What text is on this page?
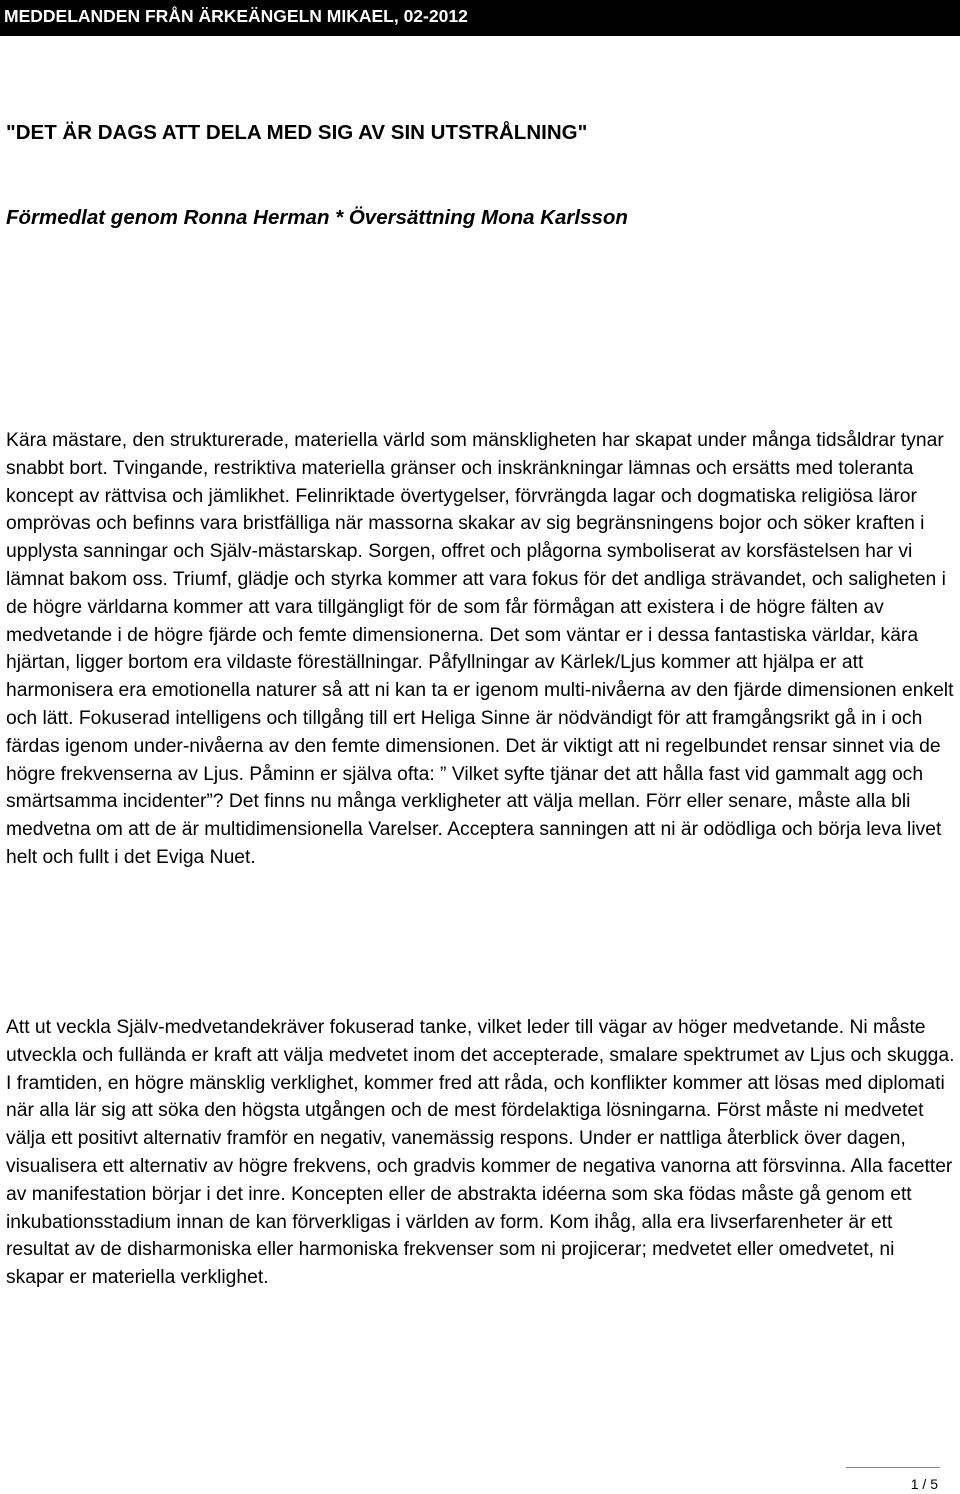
MEDDELANDEN FRÅN ÄRKEÄNGELN MIKAEL, 02-2012
"DET ÄR DAGS ATT DELA MED SIG AV SIN UTSTRÅLNING"
Förmedlat genom Ronna Herman * Översättning Mona Karlsson

Kära mästare, den strukturerade, materiella värld som mänskligheten har skapat under många tidsåldrar tynar snabbt bort. Tvingande, restriktiva materiella gränser och inskränkningar lämnas och ersätts med toleranta koncept av rättvisa och jämlikhet. Felinriktade övertygelser, förvrängda lagar och dogmatiska religiösa läror omprövas och befinns vara bristfälliga när massorna skakar av sig begränsningens bojor och söker kraften i upplysta sanningar och Själv-mästarskap. Sorgen, offret och plågorna symboliserat av korsfästelsen har vi lämnat bakom oss. Triumf, glädje och styrka kommer att vara fokus för det andliga strävandet, och saligheten i de högre världarna kommer att vara tillgängligt för de som får förmågan att existera i de högre fälten av medvetande i de högre fjärde och femte dimensionerna. Det som väntar er i dessa fantastiska världar, kära hjärtan, ligger bortom era vildaste föreställningar. Påfyllningar av Kärlek/Ljus kommer att hjälpa er att harmonisera era emotionella naturer så att ni kan ta er igenom multi-nivåerna av den fjärde dimensionen enkelt och lätt. Fokuserad intelligens och tillgång till ert Heliga Sinne är nödvändigt för att framgångsrikt gå in i och färdas igenom under-nivåerna av den femte dimensionen. Det är viktigt att ni regelbundet rensar sinnet via de högre frekvenserna av Ljus. Påminn er själva ofta: ” Vilket syfte tjänar det att hålla fast vid gammalt agg och smärtsamma incidenter”? Det finns nu många verkligheter att välja mellan. Förr eller senare, måste alla bli medvetna om att de är multidimensionella Varelser. Acceptera sanningen att ni är odödliga och börja leva livet helt och fullt i det Eviga Nuet.

Att ut veckla Själv-medvetandekräver fokuserad tanke, vilket leder till vägar av höger medvetande. Ni måste utveckla och fullända er kraft att välja medvetet inom det accepterade, smalare spektrumet av Ljus och skugga. I framtiden, en högre mänsklig verklighet, kommer fred att råda, och konflikter kommer att lösas med diplomati när alla lär sig att söka den högsta utgången och de mest fördelaktiga lösningarna. Först måste ni medvetet välja ett positivt alternativ framför en negativ, vanemässig respons. Under er nattliga återblick över dagen, visualisera ett alternativ av högre frekvens, och gradvis kommer de negativa vanorna att försvinna. Alla facetter av manifestation börjar i det inre. Koncepten eller de abstrakta idéerna som ska födas måste gå genom ett inkubationsstadium innan de kan förverkligas i världen av form. Kom ihåg, alla era livserfarenheter är ett resultat av de disharmoniska eller harmoniska frekvenser som ni projicerar; medvetet eller omedvetet, ni skapar er materiella verklighet.

1 / 5
